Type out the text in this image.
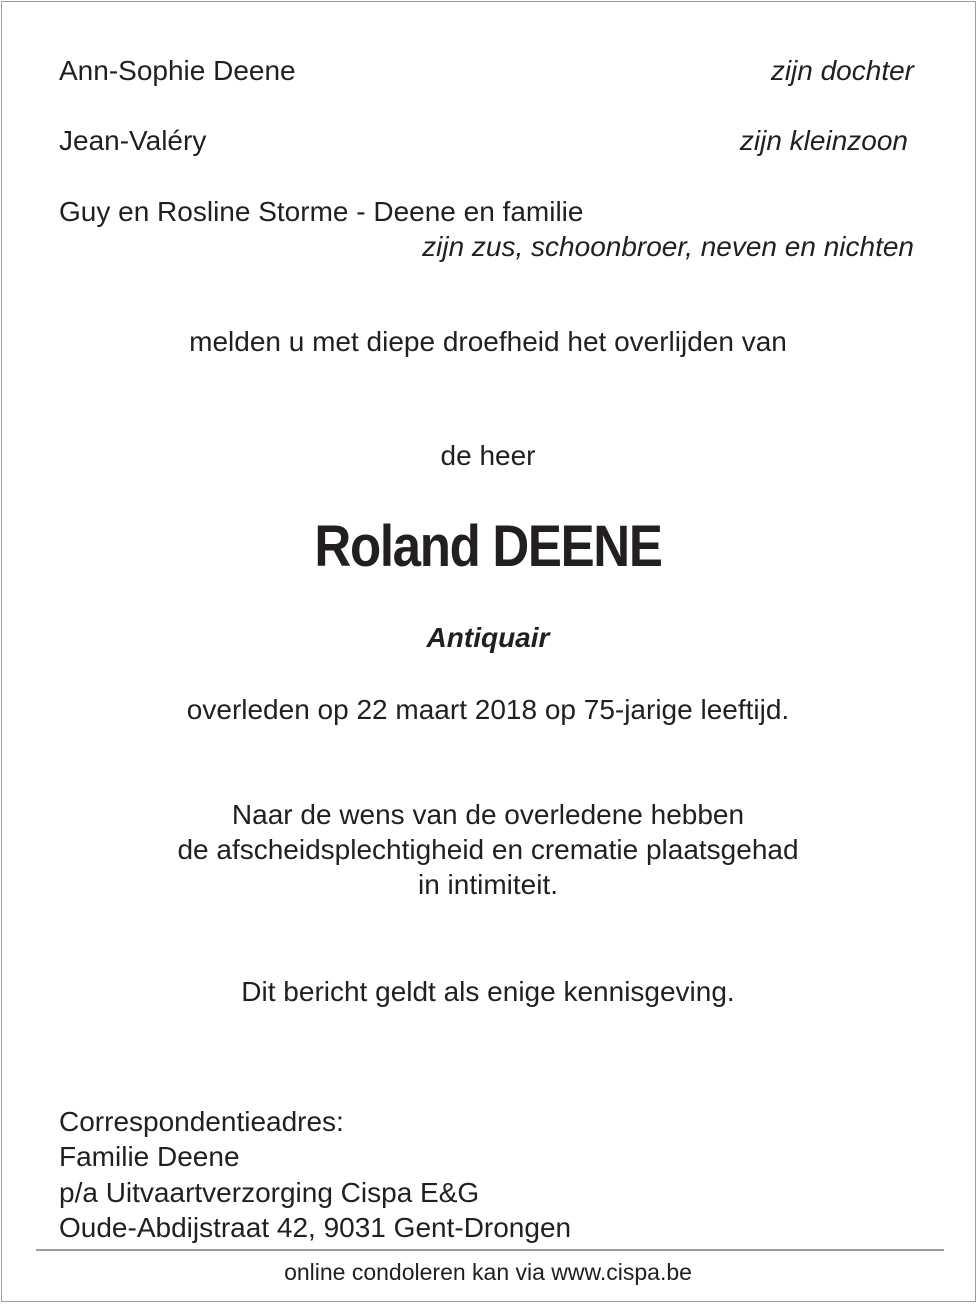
Ann-Sophie Deene	zijn dochter
Jean-Valéry	zijn kleinzoon
Guy en Rosline Storme - Deene en familie
zijn zus, schoonbroer, neven en nichten
melden u met diepe droefheid het overlijden van
de heer
Roland DEENE
Antiquair
overleden op 22 maart 2018 op 75-jarige leeftijd.
Naar de wens van de overledene hebben
de afscheidsplechtigheid en crematie plaatsgehad
in intimiteit.
Dit bericht geldt als enige kennisgeving.
Correspondentieadres:
Familie Deene
p/a Uitvaartverzorging Cispa E&G
Oude-Abdijstraat 42, 9031 Gent-Drongen
online condoleren kan via www.cispa.be
